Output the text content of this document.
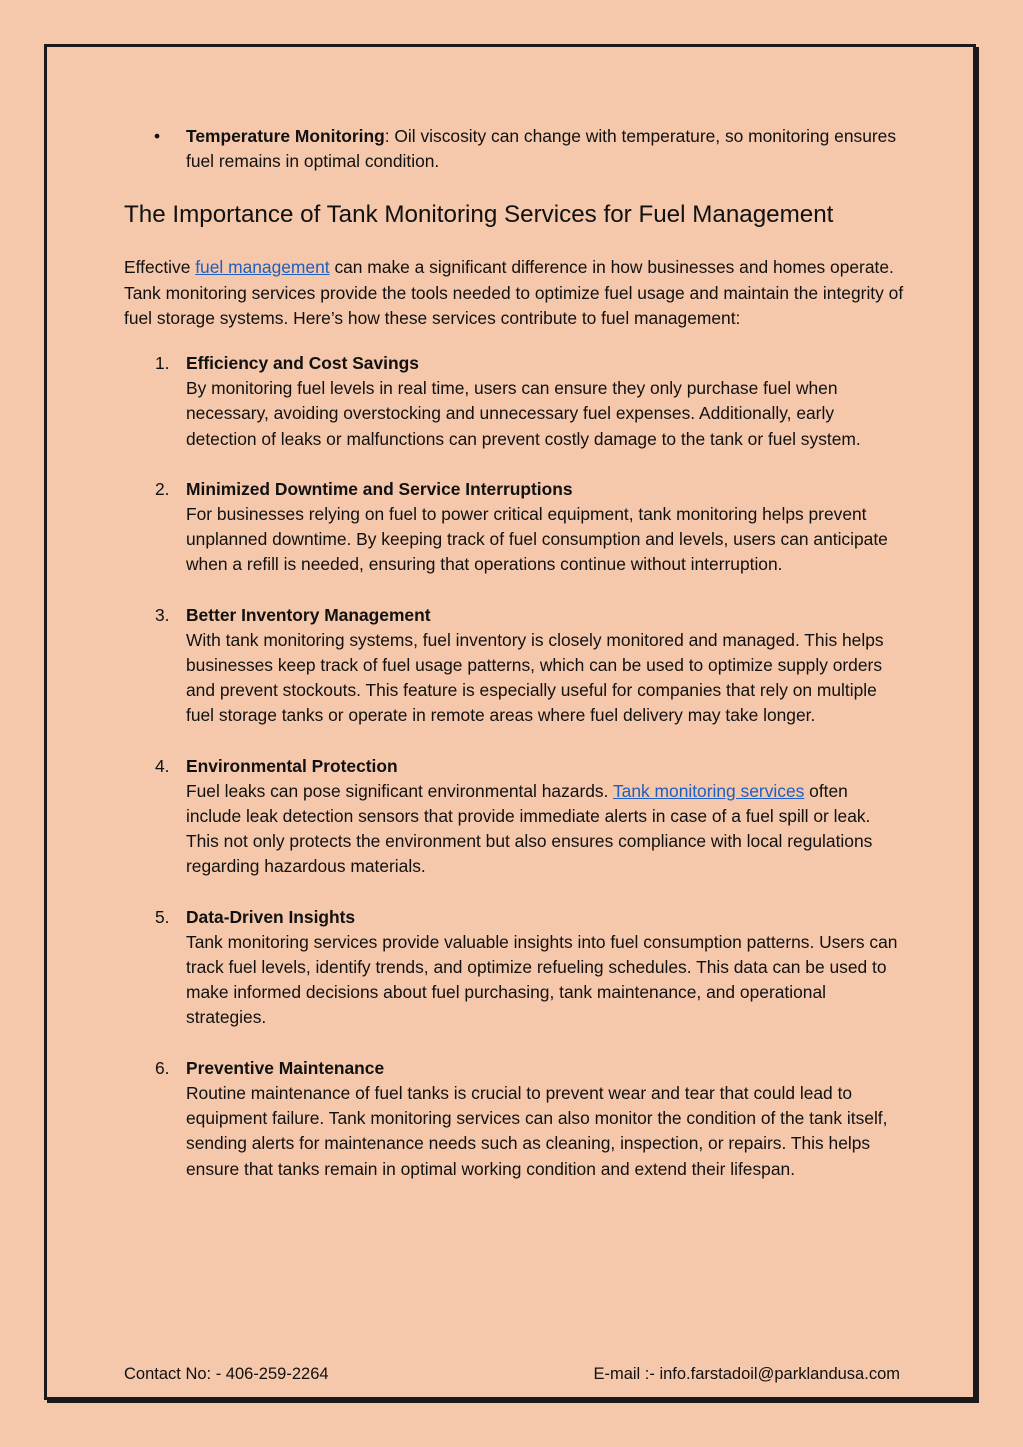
• Temperature Monitoring: Oil viscosity can change with temperature, so monitoring ensures fuel remains in optimal condition.
The Importance of Tank Monitoring Services for Fuel Management

Effective fuel management can make a significant difference in how businesses and homes operate. Tank monitoring services provide the tools needed to optimize fuel usage and maintain the integrity of fuel storage systems. Here’s how these services contribute to fuel management:

1. Efficiency and Cost Savings
By monitoring fuel levels in real time, users can ensure they only purchase fuel when necessary, avoiding overstocking and unnecessary fuel expenses. Additionally, early detection of leaks or malfunctions can prevent costly damage to the tank or fuel system.
2. Minimized Downtime and Service Interruptions
For businesses relying on fuel to power critical equipment, tank monitoring helps prevent unplanned downtime. By keeping track of fuel consumption and levels, users can anticipate when a refill is needed, ensuring that operations continue without interruption.
3. Better Inventory Management
With tank monitoring systems, fuel inventory is closely monitored and managed. This helps businesses keep track of fuel usage patterns, which can be used to optimize supply orders and prevent stockouts. This feature is especially useful for companies that rely on multiple fuel storage tanks or operate in remote areas where fuel delivery may take longer.
4. Environmental Protection
Fuel leaks can pose significant environmental hazards. Tank monitoring services often include leak detection sensors that provide immediate alerts in case of a fuel spill or leak. This not only protects the environment but also ensures compliance with local regulations regarding hazardous materials.
5. Data-Driven Insights
Tank monitoring services provide valuable insights into fuel consumption patterns. Users can track fuel levels, identify trends, and optimize refueling schedules. This data can be used to make informed decisions about fuel purchasing, tank maintenance, and operational strategies.
6. Preventive Maintenance
Routine maintenance of fuel tanks is crucial to prevent wear and tear that could lead to equipment failure. Tank monitoring services can also monitor the condition of the tank itself, sending alerts for maintenance needs such as cleaning, inspection, or repairs. This helps ensure that tanks remain in optimal working condition and extend their lifespan.
Contact No: - 406-259-2264	E-mail :- info.farstadoil@parklandusa.com
